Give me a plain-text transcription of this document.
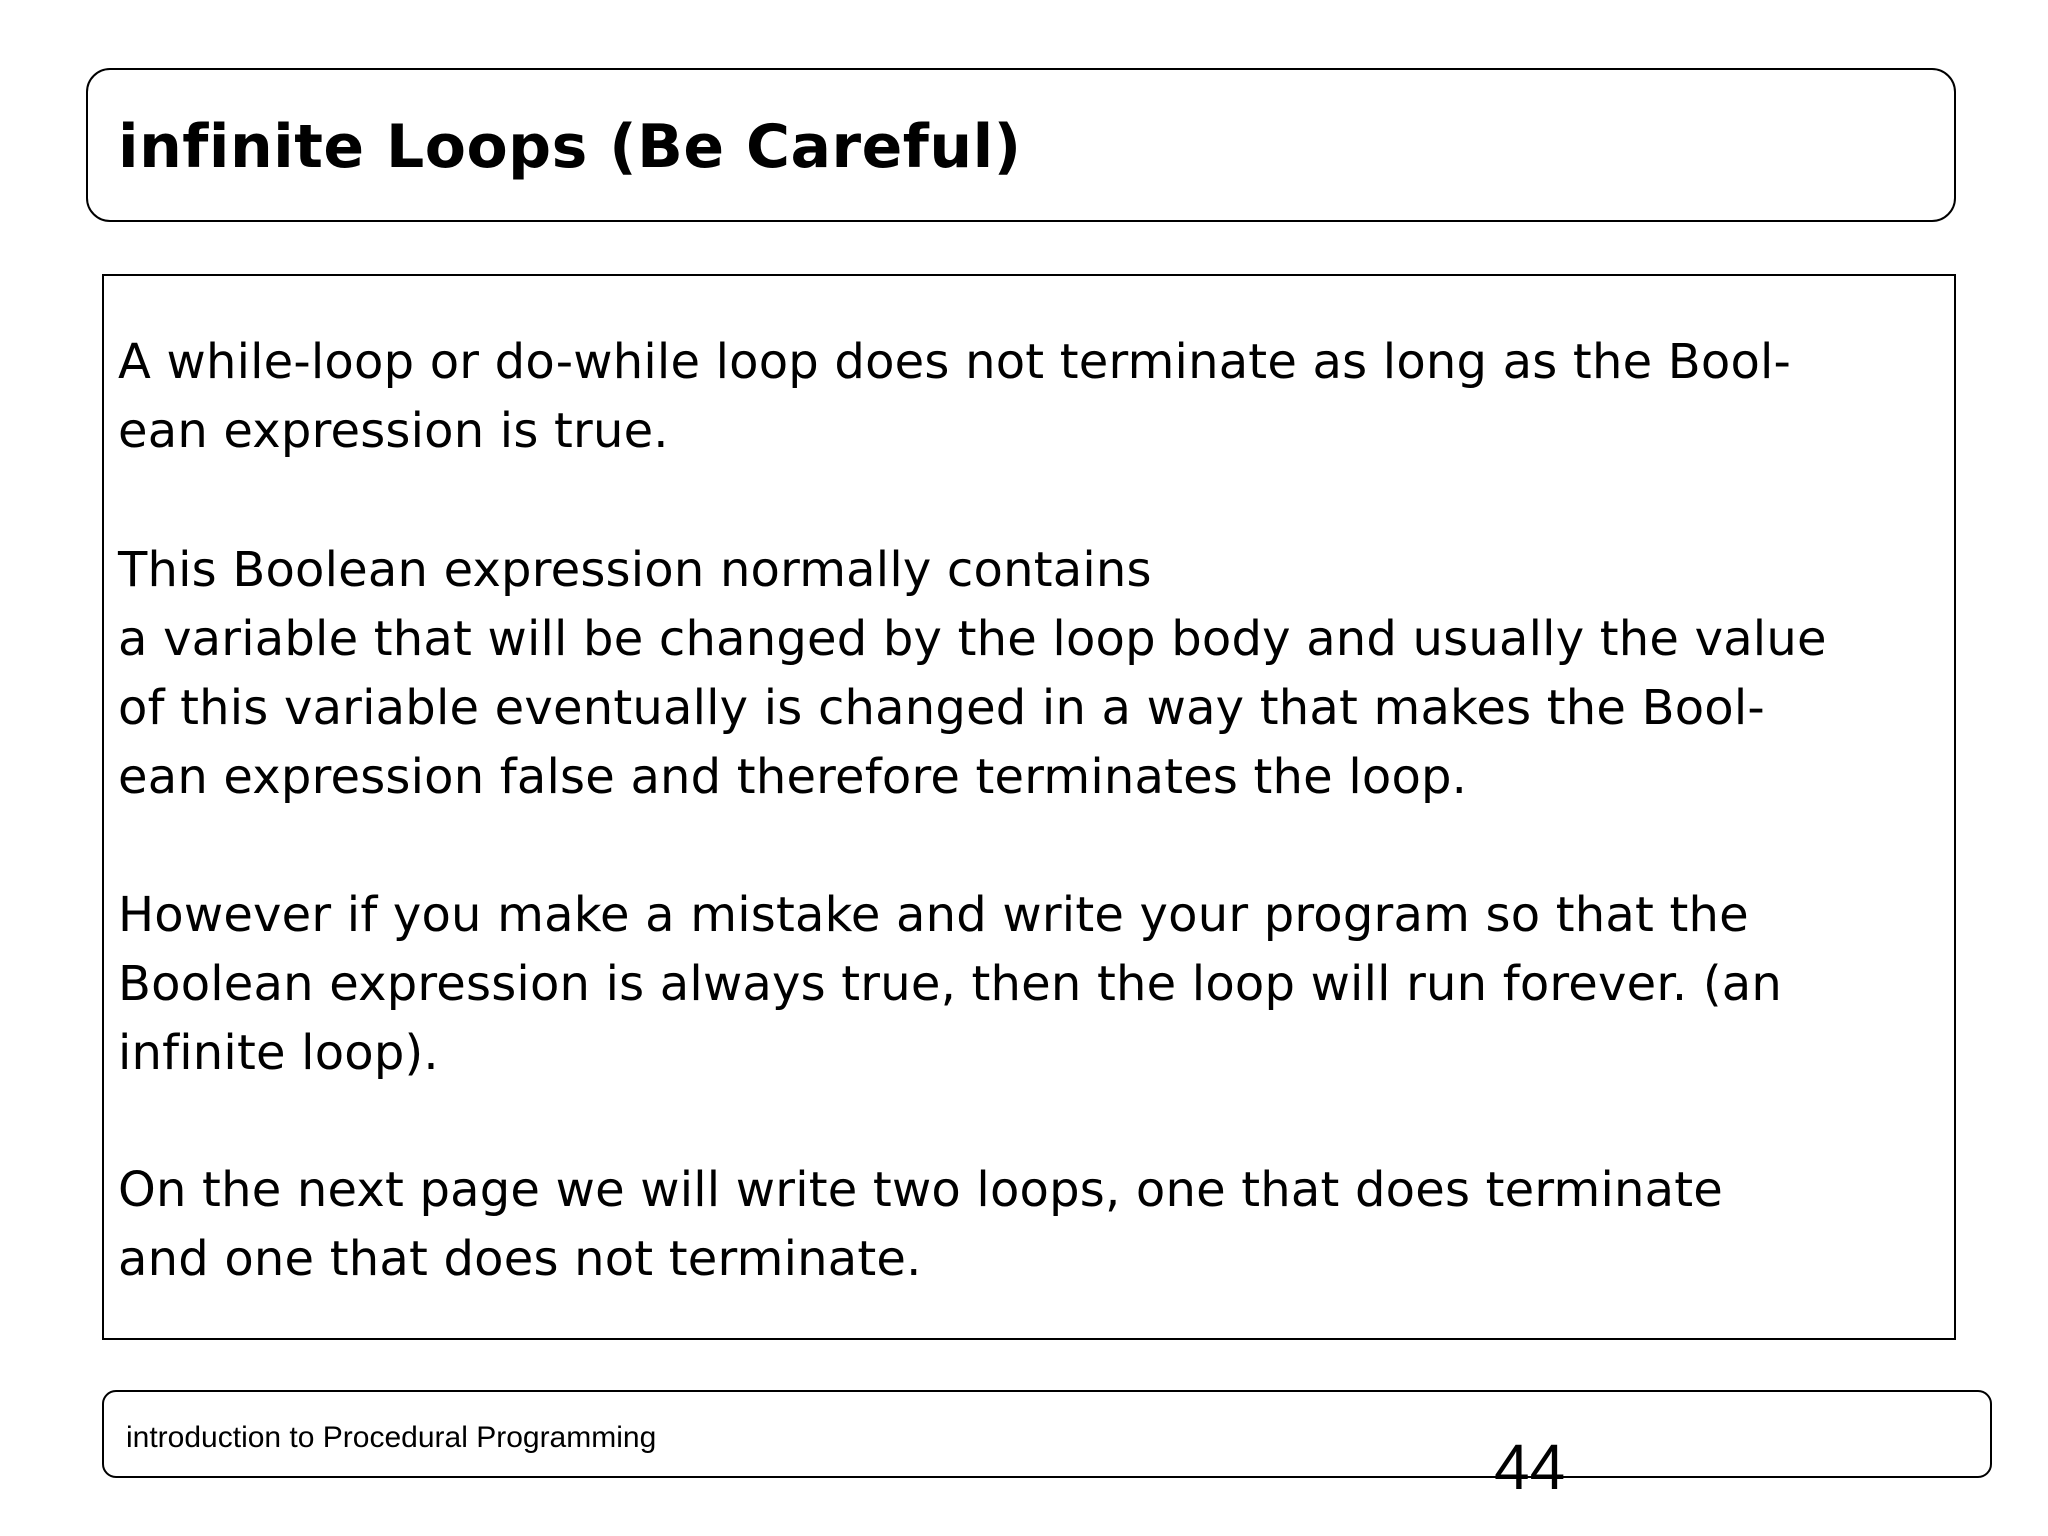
infinite Loops (Be Careful)

A while-loop or do-while loop does not terminate as long as the Bool-
ean expression is true.

This Boolean expression normally contains
a variable that will be changed by the loop body and usually the value
of this variable eventually is changed in a way that makes the Bool-
ean expression false and therefore terminates the loop.

However if you make a mistake and write your program so that the
Boolean expression is always true, then the loop will run forever. (an
infinite loop).

On the next page we will write two loops, one that does terminate
and one that does not terminate.

introduction to Procedural Programming	44
